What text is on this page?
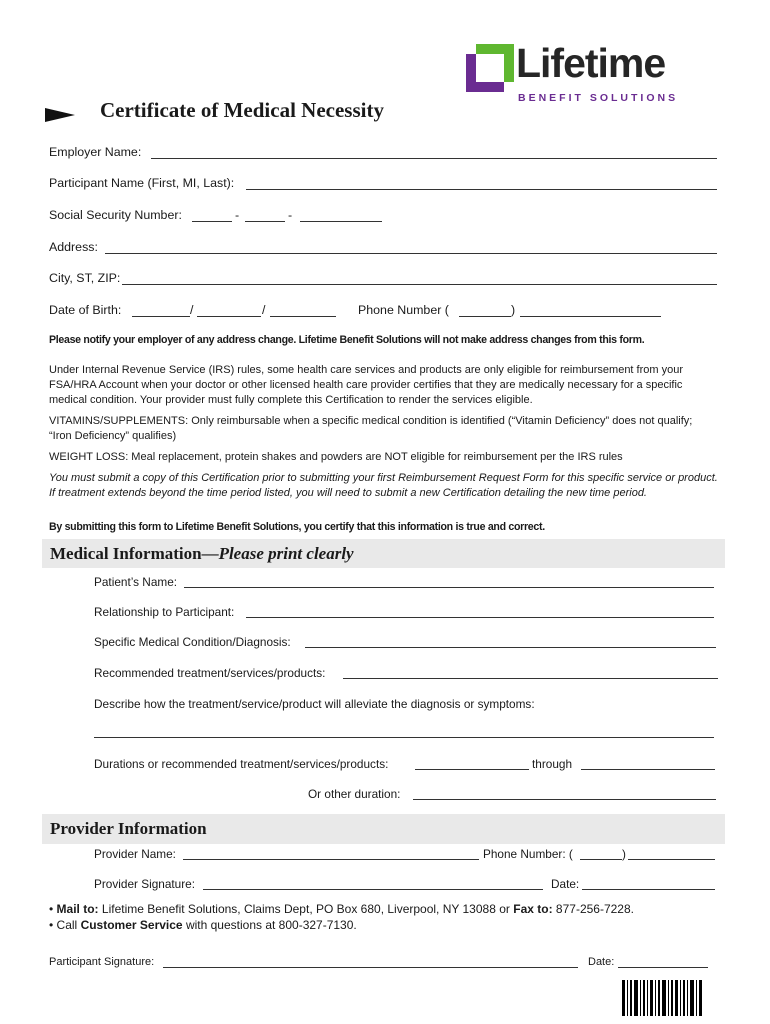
Lifetime
BENEFIT SOLUTIONS
Certificate of Medical Necessity
Employer Name:
Participant Name (First, MI, Last):
Social Security Number:	-	-
Address:
City, ST, ZIP:
Date of Birth:	/	/	Phone Number (	)
Please notify your employer of any address change. Lifetime Benefit Solutions will not make address changes from this form.
Under Internal Revenue Service (IRS) rules, some health care services and products are only eligible for reimbursement from your FSA/HRA Account when your doctor or other licensed health care provider certifies that they are medically necessary for a specific medical condition. Your provider must fully complete this Certification to render the services eligible.
VITAMINS/SUPPLEMENTS: Only reimbursable when a specific medical condition is identified (“Vitamin Deficiency” does not qualify; “Iron Deficiency” qualifies)
WEIGHT LOSS: Meal replacement, protein shakes and powders are NOT eligible for reimbursement per the IRS rules
You must submit a copy of this Certification prior to submitting your first Reimbursement Request Form for this specific service or product. If treatment extends beyond the time period listed, you will need to submit a new Certification detailing the new time period.
By submitting this form to Lifetime Benefit Solutions, you certify that this information is true and correct.
Medical Information—Please print clearly
Patient’s Name:
Relationship to Participant:
Specific Medical Condition/Diagnosis:
Recommended treatment/services/products:
Describe how the treatment/service/product will alleviate the diagnosis or symptoms:
Durations or recommended treatment/services/products:	through
Or other duration:
Provider Information
Provider Name:	Phone Number: (	)
Provider Signature:	Date:
• Mail to: Lifetime Benefit Solutions, Claims Dept, PO Box 680, Liverpool, NY 13088 or Fax to: 877-256-7228.
• Call Customer Service with questions at 800-327-7130.
Participant Signature:	Date:
